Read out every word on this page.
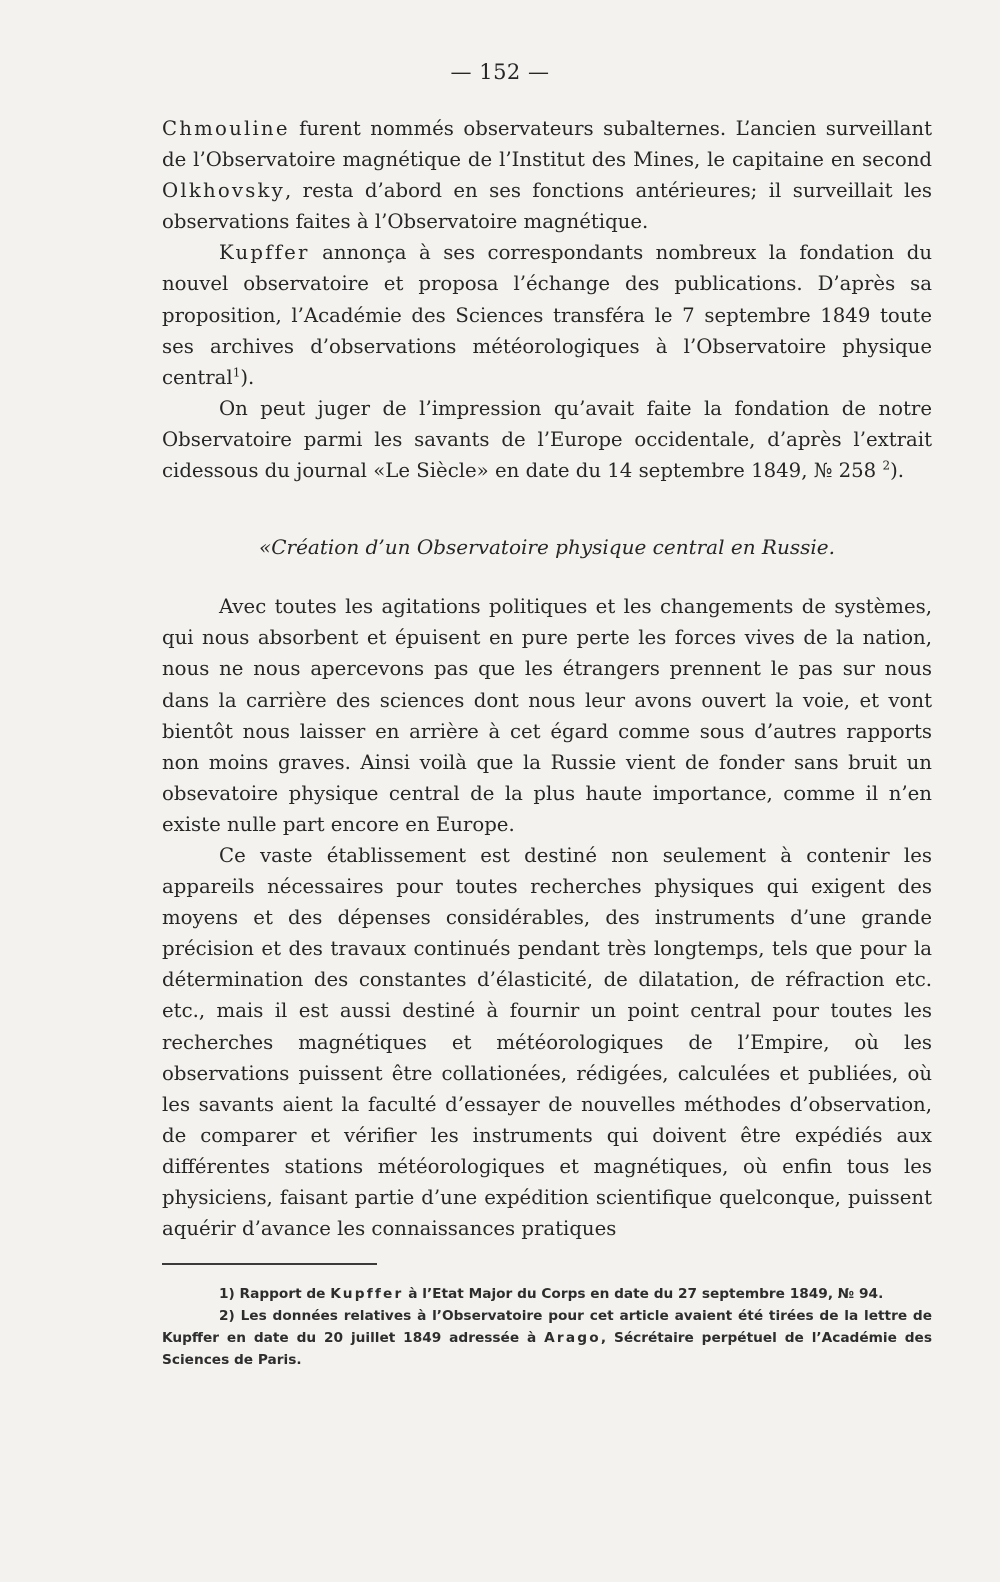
— 152 —

Chmouline furent nommés observateurs subalternes. L’ancien surveillant de l’Observatoire magnétique de l’Institut des Mines, le capitaine en second Olkhovsky, resta d’abord en ses fonctions antérieures; il surveillait les observations faites à l’Observatoire magnétique.

Kupffer annonça à ses correspondants nombreux la fondation du nouvel observatoire et proposa l’échange des publications. D’après sa proposition, l’Académie des Sciences transféra le 7 septembre 1849 toute ses archives d’observations météorologiques à l’Observatoire physique central$^1$).

On peut juger de l’impression qu’avait faite la fondation de notre Observatoire parmi les savants de l’Europe occidentale, d’après l’extrait cidessous du journal «Le Siècle» en date du 14 septembre 1849, № 258 $^2$).

«Création d’un Observatoire physique central en Russie.

Avec toutes les agitations politiques et les changements de systèmes, qui nous absorbent et épuisent en pure perte les forces vives de la nation, nous ne nous apercevons pas que les étrangers prennent le pas sur nous dans la carrière des sciences dont nous leur avons ouvert la voie, et vont bientôt nous laisser en arrière à cet égard comme sous d’autres rapports non moins graves. Ainsi voilà que la Russie vient de fonder sans bruit un obsevatoire physique central de la plus haute importance, comme il n’en existe nulle part encore en Europe.

Ce vaste établissement est destiné non seulement à contenir les appareils nécessaires pour toutes recherches physiques qui exigent des moyens et des dépenses considérables, des instruments d’une grande précision et des travaux continués pendant très longtemps, tels que pour la détermination des constantes d’élasticité, de dilatation, de réfraction etc. etc., mais il est aussi destiné à fournir un point central pour toutes les recherches magnétiques et météorologiques de l’Empire, où les observations puissent être collationées, rédigées, calculées et publiées, où les savants aient la faculté d’essayer de nouvelles méthodes d’observation, de comparer et vérifier les instruments qui doivent être expédiés aux différentes stations météorologiques et magnétiques, où enfin tous les physiciens, faisant partie d’une expédition scientifique quelconque, puissent aquérir d’avance les connaissances pratiques

1) Rapport de Kupffer à l’Etat Major du Corps en date du 27 septembre 1849, № 94.

2) Les données relatives à l’Observatoire pour cet article avaient été tirées de la lettre de Kupffer en date du 20 juillet 1849 adressée à Arago, Sécrétaire perpétuel de l’Académie des Sciences de Paris.
